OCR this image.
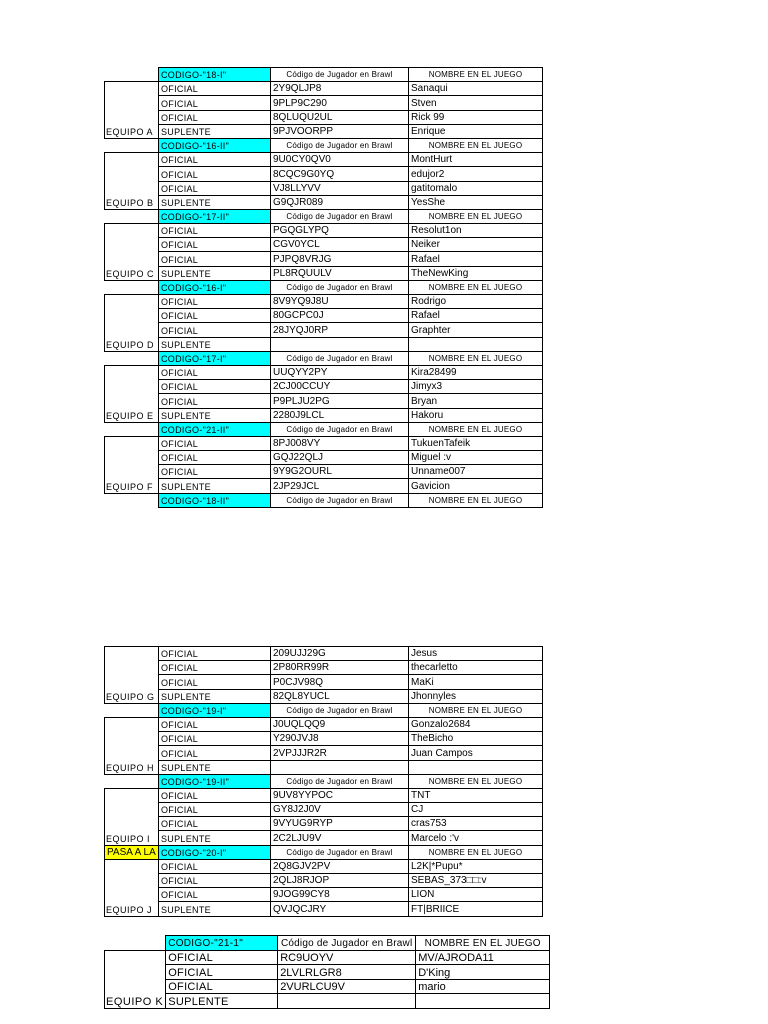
	CODIGO-"18-I"	Código de Jugador en Brawl	NOMBRE EN EL JUEGO
	OFICIAL	2Y9QLJP8	Sanaqui
	OFICIAL	9PLP9C290	Stven
	OFICIAL	8QLUQU2UL	Rick 99
EQUIPO A	SUPLENTE	9PJVOORPP	Enrique
	CODIGO-"16-II"	Código de Jugador en Brawl	NOMBRE EN EL JUEGO
	OFICIAL	9U0CY0QV0	MontHurt
	OFICIAL	8CQC9G0YQ	edujor2
	OFICIAL	VJ8LLYVV	gatitomalo
EQUIPO B	SUPLENTE	G9QJR089	YesShe
	CODIGO-"17-II"	Código de Jugador en Brawl	NOMBRE EN EL JUEGO
	OFICIAL	PGQGLYPQ	Resolut1on
	OFICIAL	CGV0YCL	Neiker
	OFICIAL	PJPQ8VRJG	Rafael
EQUIPO C	SUPLENTE	PL8RQUULV	TheNewKing
	CODIGO-"16-I"	Código de Jugador en Brawl	NOMBRE EN EL JUEGO
	OFICIAL	8V9YQ9J8U	Rodrigo
	OFICIAL	80GCPC0J	Rafael
	OFICIAL	28JYQJ0RP	Graphter
EQUIPO D	SUPLENTE		
	CODIGO-"17-I"	Código de Jugador en Brawl	NOMBRE EN EL JUEGO
	OFICIAL	UUQYY2PY	Kira28499
	OFICIAL	2CJ00CCUY	Jimyx3
	OFICIAL	P9PLJU2PG	Bryan
EQUIPO E	SUPLENTE	2280J9LCL	Hakoru
	CODIGO-"21-II"	Código de Jugador en Brawl	NOMBRE EN EL JUEGO
	OFICIAL	8PJ008VY	TukuenTafeik
	OFICIAL	GQJ22QLJ	Miguel :v
	OFICIAL	9Y9G2OURL	Unname007
EQUIPO F	SUPLENTE	2JP29JCL	Gavicion
	CODIGO-"18-II"	Código de Jugador en Brawl	NOMBRE EN EL JUEGO
	OFICIAL	209UJJ29G	Jesus
	OFICIAL	2P80RR99R	thecarletto
	OFICIAL	P0CJV98Q	MaKi
EQUIPO G	SUPLENTE	82QL8YUCL	Jhonnyles
	CODIGO-"19-I"	Código de Jugador en Brawl	NOMBRE EN EL JUEGO
	OFICIAL	J0UQLQQ9	Gonzalo2684
	OFICIAL	Y290JVJ8	TheBicho
	OFICIAL	2VPJJJR2R	Juan Campos
EQUIPO H	SUPLENTE		
	CODIGO-"19-II"	Código de Jugador en Brawl	NOMBRE EN EL JUEGO
	OFICIAL	9UV8YYPOC	TNT
	OFICIAL	GY8J2J0V	CJ
	OFICIAL	9VYUG9RYP	cras753
EQUIPO I	SUPLENTE	2C2LJU9V	Marcelo :'v
PASA A LA	CODIGO-"20-I"	Código de Jugador en Brawl	NOMBRE EN EL JUEGO
	OFICIAL	2Q8GJV2PV	L2K|*Pupu*
	OFICIAL	2QLJ8RJOP	SEBAS_373□□:v
	OFICIAL	9JOG99CY8	LION
EQUIPO J	SUPLENTE	QVJQCJRY	FT|BRIICE
	CODIGO-"21-1"	Código de Jugador en Brawl	NOMBRE EN EL JUEGO
	OFICIAL	RC9UOYV	MV/AJRODA11
	OFICIAL	2LVLRLGR8	D'King
	OFICIAL	2VURLCU9V	mario
EQUIPO K	SUPLENTE		
